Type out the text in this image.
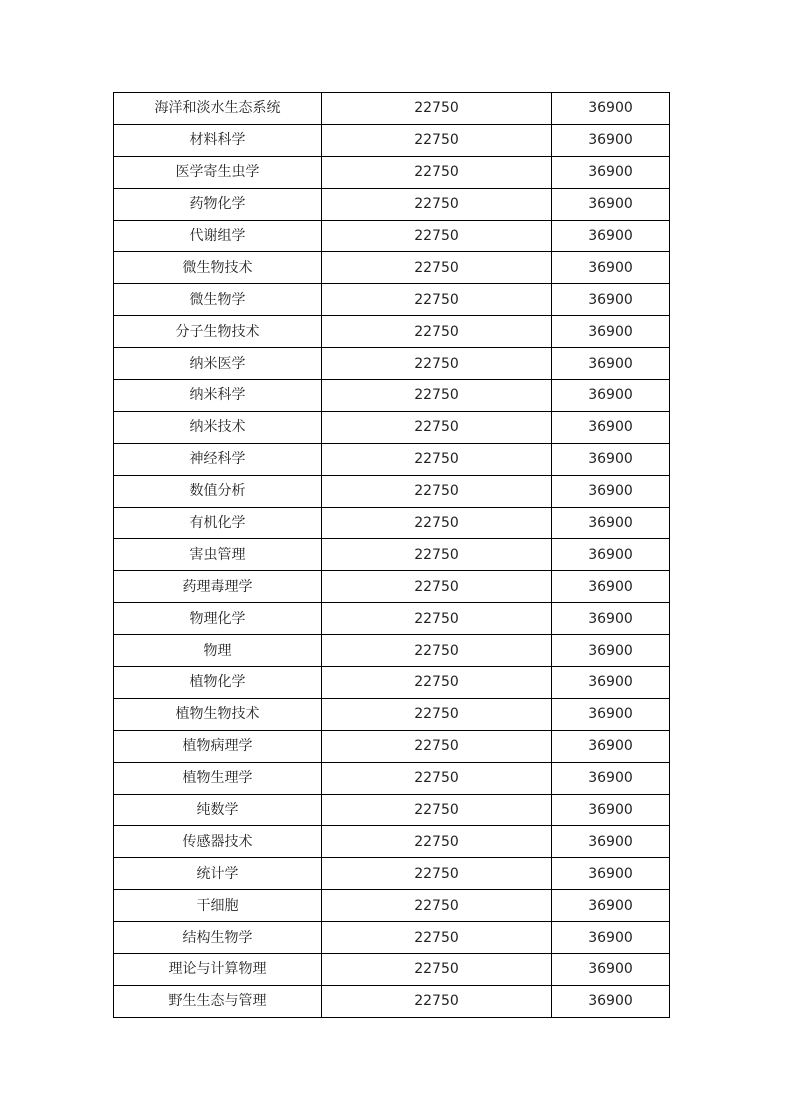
海洋和淡水生态系统	22750	36900
材料科学	22750	36900
医学寄生虫学	22750	36900
药物化学	22750	36900
代谢组学	22750	36900
微生物技术	22750	36900
微生物学	22750	36900
分子生物技术	22750	36900
纳米医学	22750	36900
纳米科学	22750	36900
纳米技术	22750	36900
神经科学	22750	36900
数值分析	22750	36900
有机化学	22750	36900
害虫管理	22750	36900
药理毒理学	22750	36900
物理化学	22750	36900
物理	22750	36900
植物化学	22750	36900
植物生物技术	22750	36900
植物病理学	22750	36900
植物生理学	22750	36900
纯数学	22750	36900
传感器技术	22750	36900
统计学	22750	36900
干细胞	22750	36900
结构生物学	22750	36900
理论与计算物理	22750	36900
野生生态与管理	22750	36900
